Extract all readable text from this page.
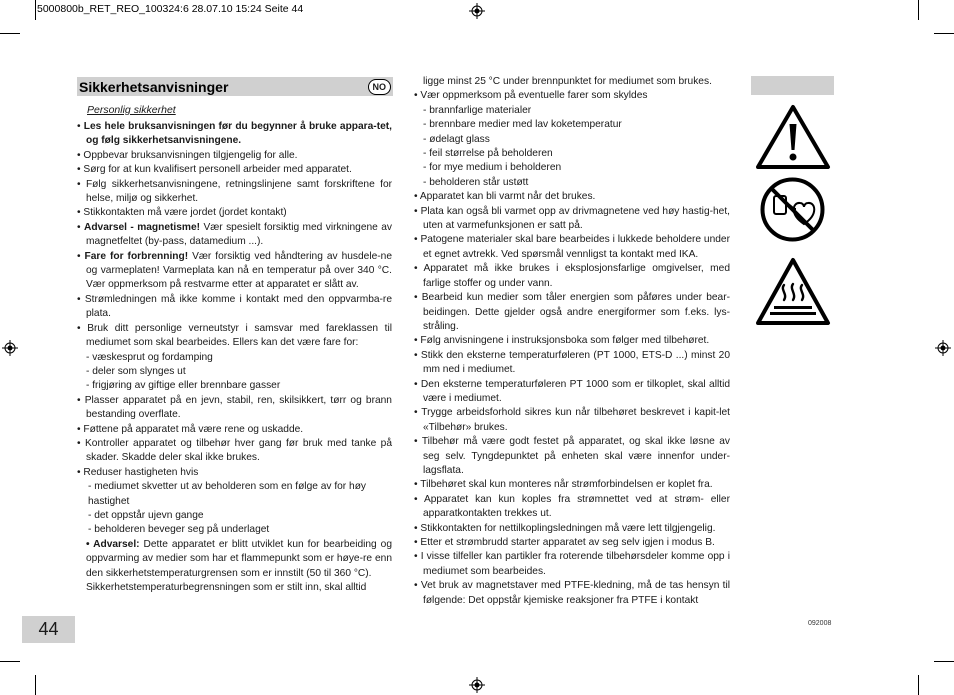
5000800b_RET_REO_100324:6 28.07.10 15:24 Seite 44
Sikkerhetsanvisninger	NO
Personlig sikkerhet

• Les hele bruksanvisningen før du begynner å bruke appara-tet, og følg sikkerhetsanvisningene.

• Oppbevar bruksanvisningen tilgjengelig for alle.

• Sørg for at kun kvalifisert personell arbeider med apparatet.

• Følg sikkerhetsanvisningene, retningslinjene samt forskriftene for helse, miljø og sikkerhet.

• Stikkontakten må være jordet (jordet kontakt)

• Advarsel - magnetisme! Vær spesielt forsiktig med virkningene av magnetfeltet (by-pass, datamedium ...).

• Fare for forbrenning! Vær forsiktig ved håndtering av husdele-ne og varmeplaten! Varmeplata kan nå en temperatur på over 340 °C. Vær oppmerksom på restvarme etter at apparatet er slått av.

• Strømledningen må ikke komme i kontakt med den oppvarmba-re plata.

• Bruk ditt personlige verneutstyr i samsvar med fareklassen til mediumet som skal bearbeides. Ellers kan det være fare for:

- væskesprut og fordamping

- deler som slynges ut

- frigjøring av giftige eller brennbare gasser

• Plasser apparatet på en jevn, stabil, ren, skilsikkert, tørr og brann bestanding overflate.

• Føttene på apparatet må være rene og uskadde.

• Kontroller apparatet og tilbehør hver gang før bruk med tanke på skader. Skadde deler skal ikke brukes.

• Reduser hastigheten hvis

- mediumet skvetter ut av beholderen som en følge av for høy hastighet

- det oppstår ujevn gange

- beholderen beveger seg på underlaget

• Advarsel: Dette apparatet er blitt utviklet kun for bearbeiding og oppvarming av medier som har et flammepunkt som er høye-re enn den sikkerhetstemperaturgrensen som er innstilt (50 til 360 °C).

Sikkerhetstemperaturbegrensningen som er stilt inn, skal alltid

ligge minst 25 °C under brennpunktet for mediumet som brukes.

• Vær oppmerksom på eventuelle farer som skyldes

- brannfarlige materialer

- brennbare medier med lav koketemperatur

- ødelagt glass

- feil størrelse på beholderen

- for mye medium i beholderen

- beholderen står ustøtt

• Apparatet kan bli varmt når det brukes.

• Plata kan også bli varmet opp av drivmagnetene ved høy hastig-het, uten at varmefunksjonen er satt på.

• Patogene materialer skal bare bearbeides i lukkede beholdere under et egnet avtrekk. Ved spørsmål vennligst ta kontakt med IKA.

• Apparatet må ikke brukes i eksplosjonsfarlige omgivelser, med farlige stoffer og under vann.

• Bearbeid kun medier som tåler energien som påføres under bear-beidingen. Dette gjelder også andre energiformer som f.eks. lys-stråling.

• Følg anvisningene i instruksjonsboka som følger med tilbehøret.

• Stikk den eksterne temperaturføleren (PT 1000, ETS-D ...) minst 20 mm ned i mediumet.

• Den eksterne temperaturføleren PT 1000 som er tilkoplet, skal alltid være i mediumet.

• Trygge arbeidsforhold sikres kun når tilbehøret beskrevet i kapit-let «Tilbehør» brukes.

• Tilbehør må være godt festet på apparatet, og skal ikke løsne av seg selv. Tyngdepunktet på enheten skal være innenfor under-lagsflata.

• Tilbehøret skal kun monteres når strømforbindelsen er koplet fra.

• Apparatet kan kun koples fra strømnettet ved at strøm- eller apparatkontakten trekkes ut.

• Stikkontakten for nettilkoplingsledningen må være lett tilgjengelig.

• Etter et strømbrudd starter apparatet av seg selv igjen i modus B.

• I visse tilfeller kan partikler fra roterende tilbehørsdeler komme opp i mediumet som bearbeides.

• Vet bruk av magnetstaver med PTFE-kledning, må de tas hensyn til følgende: Det oppstår kjemiske reaksjoner fra PTFE i kontakt

44	092008
